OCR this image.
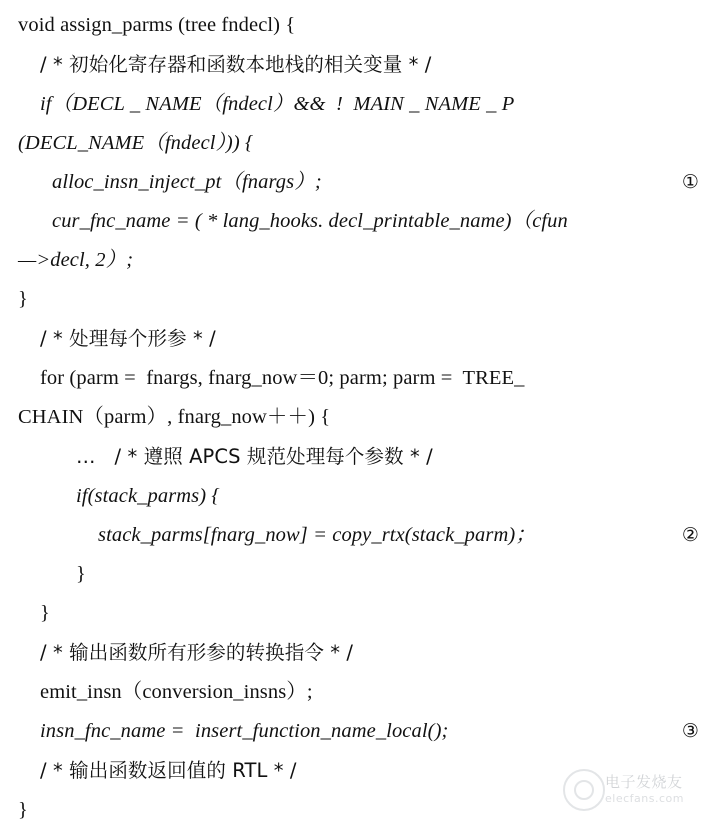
void assign_parms (tree fndecl) {
/ * 初始化寄存器和函数本地栈的相关变量 * /
if（DECL _ NAME（fndecl）&&  !  MAIN _ NAME _ P
(DECL_NAME（fndecl）)) {
alloc_insn_inject_pt（fnargs）;	①
cur_fnc_name = ( * lang_hooks. decl_printable_name)（cfun
—>decl, 2）;
}
/ * 处理每个形参 * /
for (parm =  fnargs, fnarg_now＝0; parm; parm =  TREE_
CHAIN（parm）, fnarg_now＋＋) {
…   / * 遵照 APCS 规范处理每个参数 * /
if(stack_parms) {
stack_parms[fnarg_now] = copy_rtx(stack_parm)；	②
}
}
/ * 输出函数所有形参的转换指令 * /
emit_insn（conversion_insns）;
insn_fnc_name =  insert_function_name_local();	③
/ * 输出函数返回值的 RTL * /
}
电子发烧友
elecfans.com
